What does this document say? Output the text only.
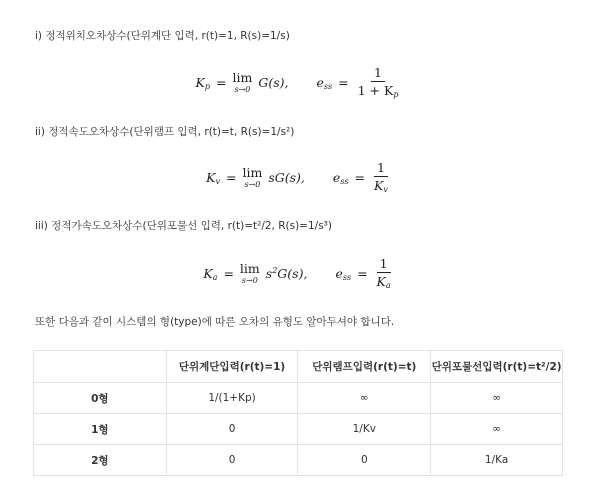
i) 정적위치오차상수(단위계단 입력, r(t)=1, R(s)=1/s)
$K_p = \lim$
s→0 G(s), $e_{ss} = \frac{1}{1 + K_p}$
ii) 정적속도오차상수(단위램프 입력, r(t)=t, R(s)=1/s²)
$K_v = \lim$
s→0 sG(s), $e_{ss} = \frac{1}{K_v}$
iii) 정적가속도오차상수(단위포물선 입력, r(t)=t²/2, R(s)=1/s³)
$K_a = \lim$
s→0 $s^2G(s)$, $e_{ss} = \frac{1}{K_a}$
또한 다음과 같이 시스템의 형(type)에 따른 오차의 유형도 알아두셔야 합니다.
	단위계단입력(r(t)=1)	단위램프입력(r(t)=t)	단위포물선입력(r(t)=t²/2)
0형	1/(1+Kp)	∞	∞
1형	0	1/Kv	∞
2형	0	0	1/Ka
